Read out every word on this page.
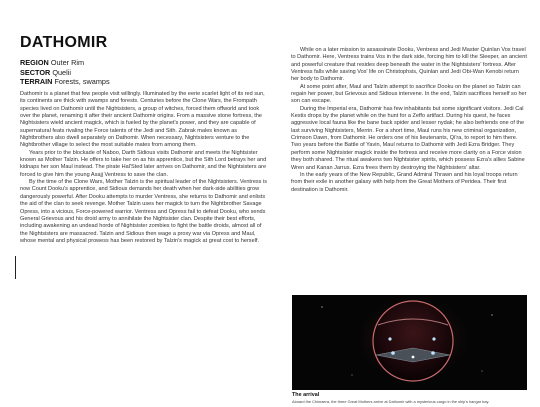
DATHOMIR
REGION Outer Rim
SECTOR Quelii
TERRAIN Forests, swamps

Dathomir is a planet that few people visit willingly. Illuminated by the eerie scarlet light of its red sun, its continents are thick with swamps and forests. Centuries before the Clone Wars, the Frompath species lived on Dathomir until the Nightsisters, a group of witches, forced them offworld and took over the planet, renaming it after their ancient Dathomir origins. From a massive stone fortress, the Nightsisters wield ancient magick, which is fueled by the planet's power, and they are capable of supernatural feats rivaling the Force talents of the Jedi and Sith. Zabrak males known as Nightbrothers also dwell separately on Dathomir. When necessary, Nightsisters venture to the Nightbrother village to select the most suitable mates from among them.

Years prior to the blockade of Naboo, Darth Sidious visits Dathomir and meets the Nightsister known as Mother Talzin. He offers to take her on as his apprentice, but the Sith Lord betrays her and kidnaps her son Maul instead. The pirate Hal'Sted later arrives on Dathomir, and the Nightsisters are forced to give him the young Asajj Ventress to save the clan.

By the time of the Clone Wars, Mother Talzin is the spiritual leader of the Nightsisters. Ventress is now Count Dooku's apprentice, and Sidious demands her death when her dark-side abilities grow dangerously powerful. After Dooku attempts to murder Ventress, she returns to Dathomir and enlists the aid of the clan to seek revenge. Mother Talzin uses her magick to turn the Nightbrother Savage Opress, into a vicious, Force-powered warrior. Ventress and Opress fail to defeat Dooku, who sends General Grievous and his droid army to annihilate the Nightsister clan. Despite their best efforts, including awakening an undead horde of Nightsister zombies to fight the battle droids, almost all of the Nightsisters are massacred. Talzin and Sidious then wage a proxy war via Opress and Maul, whose mental and physical prowess has been restored by Talzin's magick at great cost to herself.

While on a later mission to assassinate Dooku, Ventress and Jedi Master Quinlan Vos travel to Dathomir. Here, Ventress trains Vos in the dark side, forcing him to kill the Sleeper, an ancient and powerful creature that resides deep beneath the water in the Nightsisters' fortress. After Ventress falls while saving Vos' life on Christophsis, Quinlan and Jedi Obi-Wan Kenobi return her body to Dathomir.

At some point after, Maul and Talzin attempt to sacrifice Dooku on the planet so Talzin can regain her power, but Grievous and Sidious intervene. In the end, Talzin sacrifices herself so her son can escape.

During the Imperial era, Dathomir has few inhabitants but some significant visitors. Jedi Cal Kestis drops by the planet while on the hunt for a Zeffo artifact. During his quest, he faces aggressive local fauna like the bane back spider and lesser nydak; he also befriends one of the last surviving Nightsisters, Merrin. For a short time, Maul runs his new criminal organization, Crimson Dawn, from Dathomir. He orders one of his lieutenants, Qi'ra, to report to him there. Two years before the Battle of Yavin, Maul returns to Dathomir with Jedi Ezra Bridger. They perform some Nightsister magick inside the fortress and receive more clarity on a Force vision they both shared. The ritual awakens two Nightsister spirits, which possess Ezra's allies Sabine Wren and Kanan Jarrus. Ezra frees them by destroying the Nightsisters' altar.

In the early years of the New Republic, Grand Admiral Thrawn and his loyal troops return from their exile in another galaxy with help from the Great Mothers of Peridea. Their first destination is Dathomir.

The arrival
Aboard the Chimaera, the three Great Mothers arrive at Dathomir with a mysterious cargo in the ship's hangar bay.
